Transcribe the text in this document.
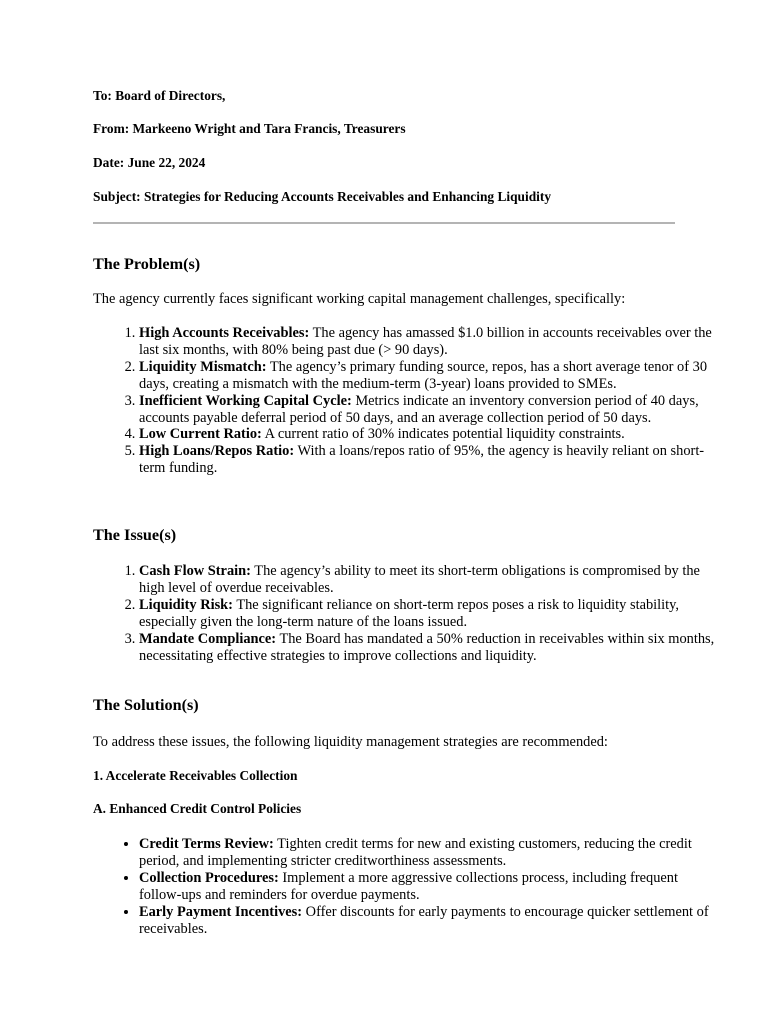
To: Board of Directors,
From: Markeeno Wright and Tara Francis, Treasurers
Date: June 22, 2024
Subject: Strategies for Reducing Accounts Receivables and Enhancing Liquidity
The Problem(s)
The agency currently faces significant working capital management challenges, specifically:
1. High Accounts Receivables: The agency has amassed $1.0 billion in accounts receivables over the last six months, with 80% being past due (> 90 days).
2. Liquidity Mismatch: The agency’s primary funding source, repos, has a short average tenor of 30 days, creating a mismatch with the medium-term (3-year) loans provided to SMEs.
3. Inefficient Working Capital Cycle: Metrics indicate an inventory conversion period of 40 days, accounts payable deferral period of 50 days, and an average collection period of 50 days.
4. Low Current Ratio: A current ratio of 30% indicates potential liquidity constraints.
5. High Loans/Repos Ratio: With a loans/repos ratio of 95%, the agency is heavily reliant on short-term funding.
The Issue(s)
1. Cash Flow Strain: The agency’s ability to meet its short-term obligations is compromised by the high level of overdue receivables.
2. Liquidity Risk: The significant reliance on short-term repos poses a risk to liquidity stability, especially given the long-term nature of the loans issued.
3. Mandate Compliance: The Board has mandated a 50% reduction in receivables within six months, necessitating effective strategies to improve collections and liquidity.
The Solution(s)
To address these issues, the following liquidity management strategies are recommended:
1. Accelerate Receivables Collection
A. Enhanced Credit Control Policies
• Credit Terms Review: Tighten credit terms for new and existing customers, reducing the credit period, and implementing stricter creditworthiness assessments.
• Collection Procedures: Implement a more aggressive collections process, including frequent follow-ups and reminders for overdue payments.
• Early Payment Incentives: Offer discounts for early payments to encourage quicker settlement of receivables.
